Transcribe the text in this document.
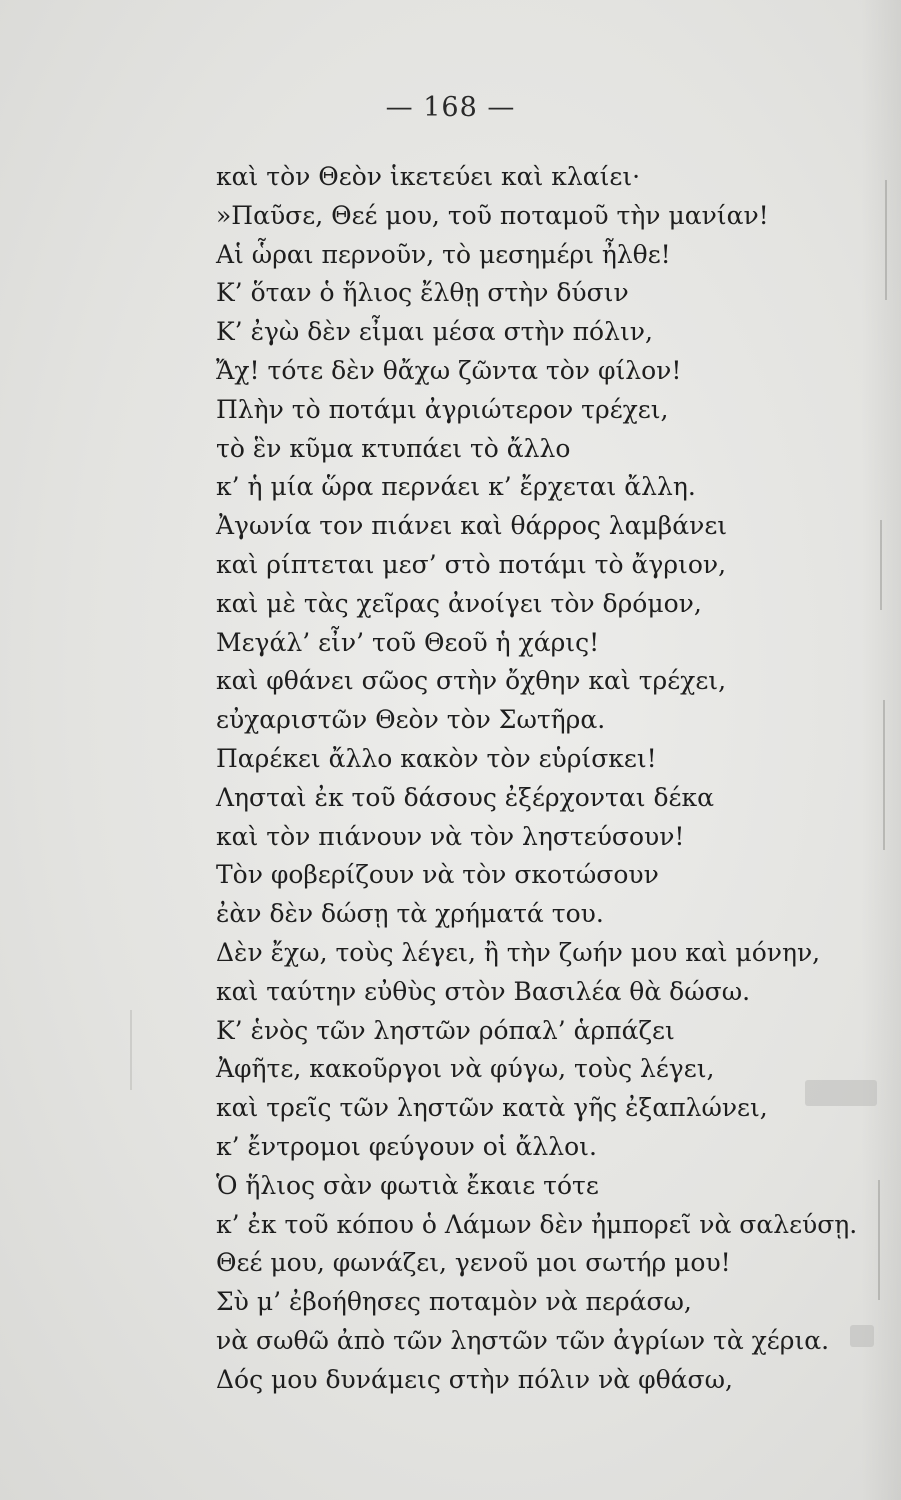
— 168 —
καὶ τὸν Θεὸν ἱκετεύει καὶ κλαίει·
»Παῦσε, Θεέ μου, τοῦ ποταμοῦ τὴν μανίαν!
Αἱ ὧραι περνοῦν, τὸ μεσημέρι ἦλθε!
Κ’ ὅταν ὁ ἥλιος ἔλθῃ στὴν δύσιν
Κ’ ἐγὼ δὲν εἶμαι μέσα στὴν πόλιν,
Ἄχ! τότε δὲν θἄχω ζῶντα τὸν φίλον!
Πλὴν τὸ ποτάμι ἀγριώτερον τρέχει,
τὸ ἓν κῦμα κτυπάει τὸ ἄλλο
κ’ ἡ μία ὥρα περνάει κ’ ἔρχεται ἄλλη.
Ἀγωνία τον πιάνει καὶ θάρρος λαμβάνει
καὶ ρίπτεται μεσ’ στὸ ποτάμι τὸ ἄγριον,
καὶ μὲ τὰς χεῖρας ἀνοίγει τὸν δρόμον,
Μεγάλ’ εἶν’ τοῦ Θεοῦ ἡ χάρις!
καὶ φθάνει σῶος στὴν ὄχθην καὶ τρέχει,
εὐχαριστῶν Θεὸν τὸν Σωτῆρα.
Παρέκει ἄλλο κακὸν τὸν εὑρίσκει!
Λησταὶ ἐκ τοῦ δάσους ἐξέρχονται δέκα
καὶ τὸν πιάνουν νὰ τὸν ληστεύσουν!
Τὸν φοβερίζουν νὰ τὸν σκοτώσουν
ἐὰν δὲν δώσῃ τὰ χρήματά του.
Δὲν ἔχω, τοὺς λέγει, ἢ τὴν ζωήν μου καὶ μόνην,
καὶ ταύτην εὐθὺς στὸν Βασιλέα θὰ δώσω.
Κ’ ἑνὸς τῶν ληστῶν ρόπαλ’ ἁρπάζει
Ἀφῆτε, κακοῦργοι νὰ φύγω, τοὺς λέγει,
καὶ τρεῖς τῶν ληστῶν κατὰ γῆς ἐξαπλώνει,
κ’ ἔντρομοι φεύγουν οἱ ἄλλοι.
Ὁ ἥλιος σὰν φωτιὰ ἔκαιε τότε
κ’ ἐκ τοῦ κόπου ὁ Λάμων δὲν ἠμπορεῖ νὰ σαλεύσῃ.
Θεέ μου, φωνάζει, γενοῦ μοι σωτήρ μου!
Σὺ μ’ ἐβοήθησες ποταμὸν νὰ περάσω,
νὰ σωθῶ ἀπὸ τῶν ληστῶν τῶν ἀγρίων τὰ χέρια.
Δός μου δυνάμεις στὴν πόλιν νὰ φθάσω,
